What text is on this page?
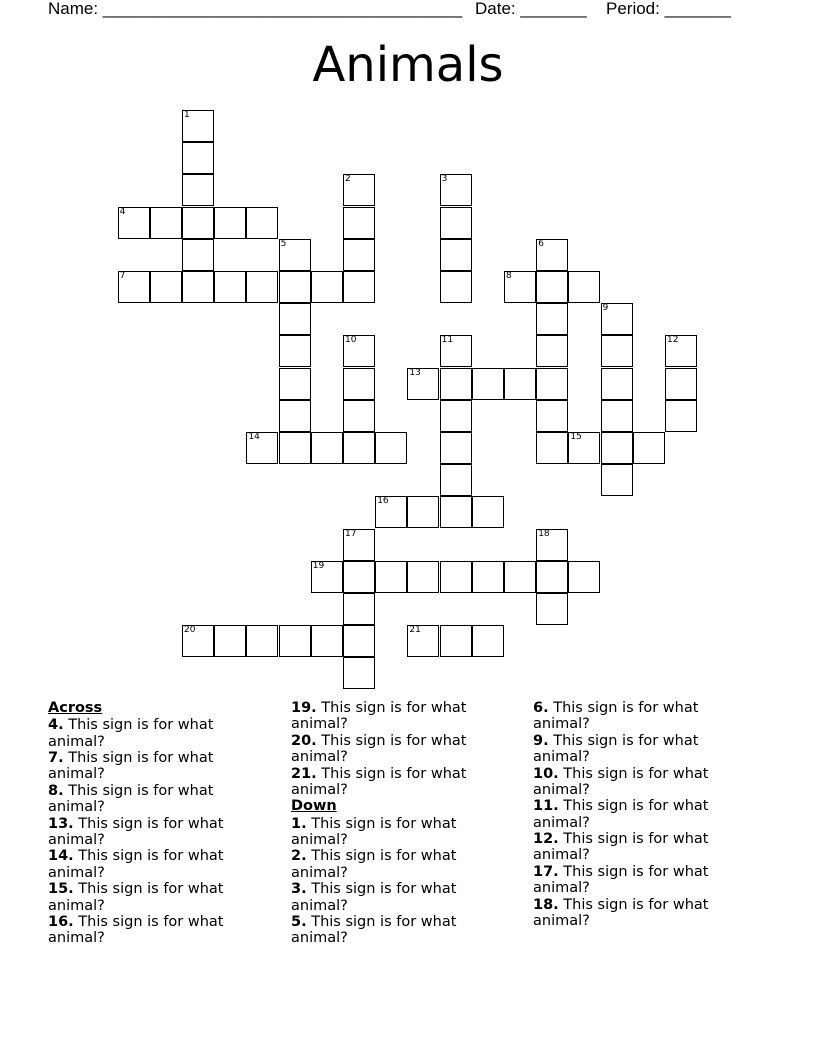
Name: ______________________________________ Date: _______ Period: _______
Animals
1
2	3
4
5	6
7	8
9
10	11	12
13
14	15
16
17	18
19
20	21
Across
4. This sign is for what animal?
7. This sign is for what animal?
8. This sign is for what animal?
13. This sign is for what animal?
14. This sign is for what animal?
15. This sign is for what animal?
16. This sign is for what animal?
19. This sign is for what animal?
20. This sign is for what animal?
21. This sign is for what animal?
Down
1. This sign is for what animal?
2. This sign is for what animal?
3. This sign is for what animal?
5. This sign is for what animal?
6. This sign is for what animal?
9. This sign is for what animal?
10. This sign is for what animal?
11. This sign is for what animal?
12. This sign is for what animal?
17. This sign is for what animal?
18. This sign is for what animal?
